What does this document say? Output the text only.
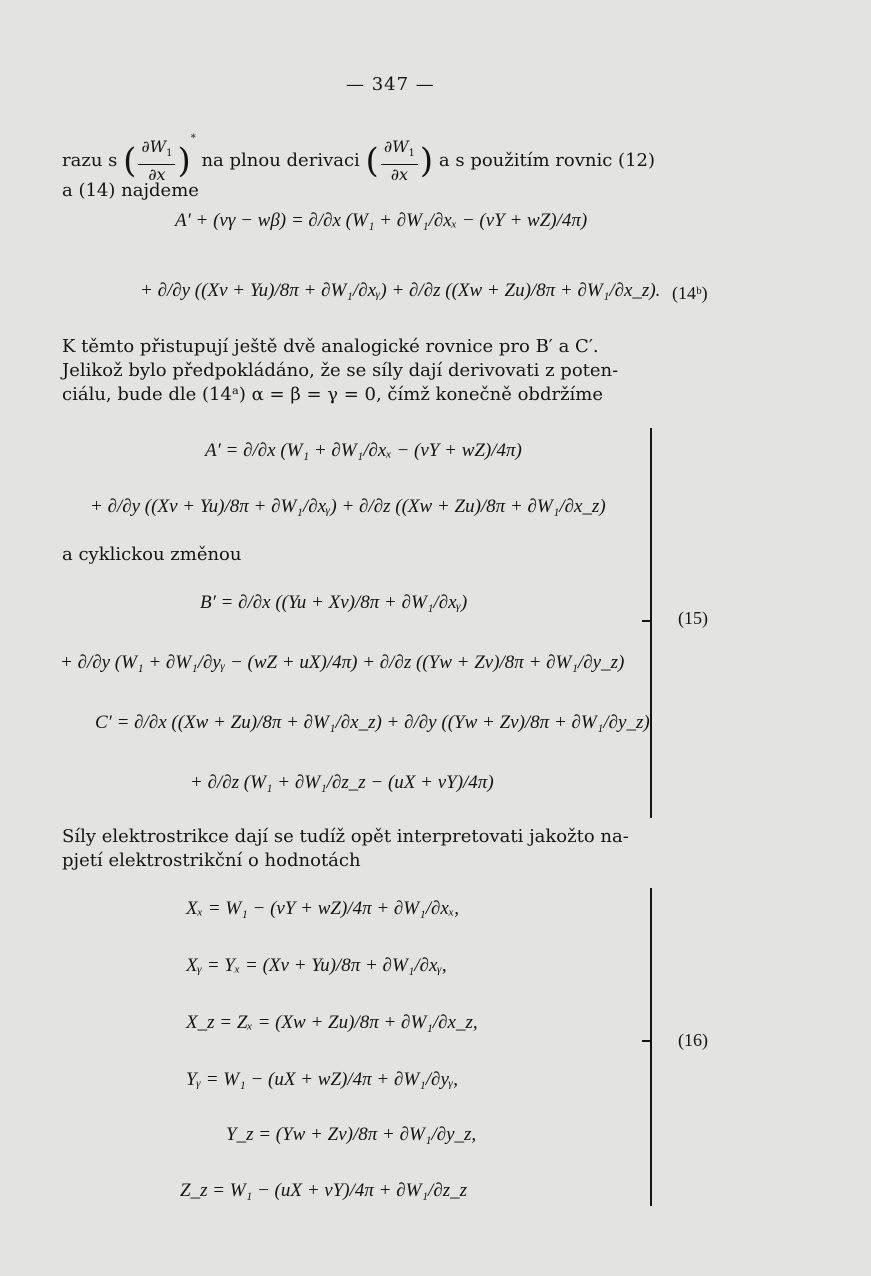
— 347 —
razu s ( $\frac{\partial W_1}{\partial x} )^*$ na plnou derivaci ( $\frac{\partial W_1}{\partial x}$ ) a s použitím rovnic (12)
a (14) najdeme
A′ + (vγ − wβ) = ∂/∂x (W₁ + ∂W₁/∂xₓ − (vY + wZ)/4π)
+ ∂/∂y ((Xv + Yu)/8π + ∂W₁/∂xᵧ) + ∂/∂z ((Xw + Zu)/8π + ∂W₁/∂x_z). (14ᵇ)
K těmto přistupují ještě dvě analogické rovnice pro B′ a C′.
Jelikož bylo předpokládáno, že se síly dají derivovati z poten-
ciálu, bude dle (14ᵃ) α = β = γ = 0, čímž konečně obdržíme
A′ = ∂/∂x (W₁ + ∂W₁/∂xₓ − (vY + wZ)/4π)
+ ∂/∂y ((Xv + Yu)/8π + ∂W₁/∂xᵧ) + ∂/∂z ((Xw + Zu)/8π + ∂W₁/∂x_z)
a cyklickou změnou
B′ = ∂/∂x ((Yu + Xv)/8π + ∂W₁/∂xᵧ)
+ ∂/∂y (W₁ + ∂W₁/∂yᵧ − (wZ + uX)/4π) + ∂/∂z ((Yw + Zv)/8π + ∂W₁/∂y_z)
C′ = ∂/∂x ((Xw + Zu)/8π + ∂W₁/∂x_z) + ∂/∂y ((Yw + Zv)/8π + ∂W₁/∂y_z)
+ ∂/∂z (W₁ + ∂W₁/∂z_z − (uX + vY)/4π)
(15)
Síly elektrostrikce dají se tudíž opět interpretovati jakožto na-
pjetí elektrostrikční o hodnotách
Xₓ = W₁ − (vY + wZ)/4π + ∂W₁/∂xₓ,
Xᵧ = Yₓ = (Xv + Yu)/8π + ∂W₁/∂xᵧ,
X_z = Zₓ = (Xw + Zu)/8π + ∂W₁/∂x_z,
Yᵧ = W₁ − (uX + wZ)/4π + ∂W₁/∂yᵧ,
Y_z = (Yw + Zv)/8π + ∂W₁/∂y_z,
Z_z = W₁ − (uX + vY)/4π + ∂W₁/∂z_z
(16)
